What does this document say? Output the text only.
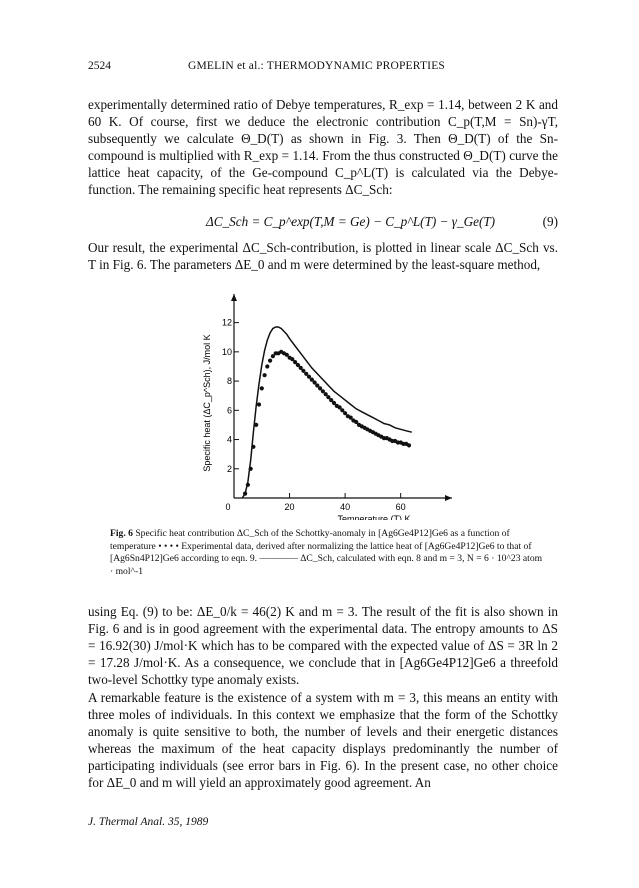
2524	GMELIN et al.: THERMODYNAMIC PROPERTIES

experimentally determined ratio of Debye temperatures, R_exp = 1.14, between 2 K and 60 K. Of course, first we deduce the electronic contribution C_p(T,M = Sn)-γT, subsequently we calculate Θ_D(T) as shown in Fig. 3. Then Θ_D(T) of the Sn-compound is multiplied with R_exp = 1.14. From the thus constructed Θ_D(T) curve the lattice heat capacity, of the Ge-compound C_p^L(T) is calculated via the Debye-function. The remaining specific heat represents ΔC_Sch:

ΔC_Sch = C_p^exp(T,M = Ge) − C_p^L(T) − γ_Ge(T)	(9)

Our result, the experimental ΔC_Sch-contribution, is plotted in linear scale ΔC_Sch vs. T in Fig. 6. The parameters ΔE_0 and m were determined by the least-square method,

0	20	40	60
2
4
6
8
10
12
Temperature (T),K
Specific heat (ΔC_p^Sch), J/mol K
Fig. 6 Specific heat contribution ΔC_Sch of the Schottky-anomaly in [Ag6Ge4P12]Ge6 as a function of temperature • • • • Experimental data, derived after normalizing the lattice heat of [Ag6Ge4P12]Ge6 to that of [Ag6Sn4P12]Ge6 according to eqn. 9. ———— ΔC_Sch, calculated with eqn. 8 and m = 3, N = 6 · 10^23 atom · mol^-1

using Eq. (9) to be: ΔE_0/k = 46(2) K and m = 3. The result of the fit is also shown in Fig. 6 and is in good agreement with the experimental data. The entropy amounts to ΔS = 16.92(30) J/mol·K which has to be compared with the expected value of ΔS = 3R ln 2 = 17.28 J/mol·K. As a consequence, we conclude that in [Ag6Ge4P12]Ge6 a threefold two-level Schottky type anomaly exists.

A remarkable feature is the existence of a system with m = 3, this means an entity with three moles of individuals. In this context we emphasize that the form of the Schottky anomaly is quite sensitive to both, the number of levels and their energetic distances whereas the maximum of the heat capacity displays predominantly the number of participating individuals (see error bars in Fig. 6). In the present case, no other choice for ΔE_0 and m will yield an approximately good agreement. An

J. Thermal Anal. 35, 1989
